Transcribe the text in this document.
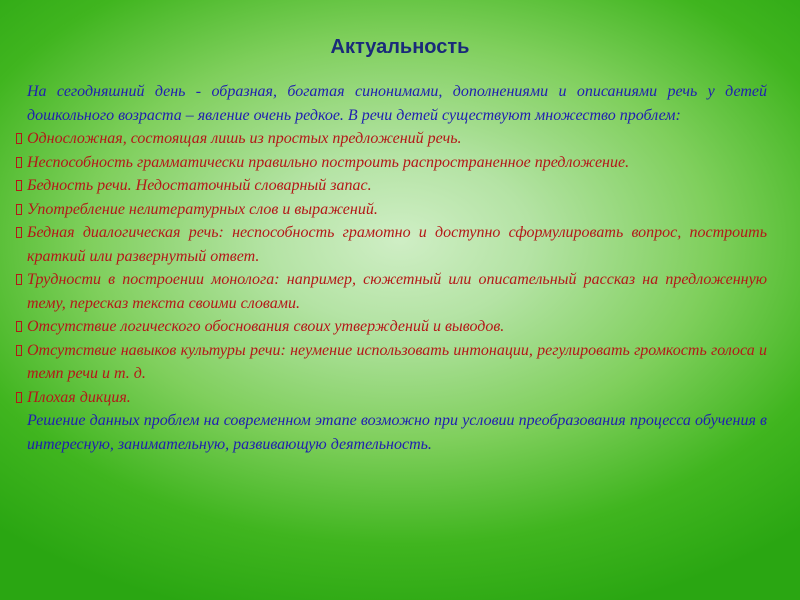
Актуальность
На сегодняшний день - образная, богатая синонимами, дополнениями и описаниями речь у детей дошкольного возраста – явление очень редкое. В речи детей существуют множество проблем:
Односложная, состоящая лишь из простых предложений речь.
Неспособность грамматически правильно построить распространенное предложение.
Бедность речи. Недостаточный словарный запас.
Употребление нелитературных слов и выражений.
Бедная диалогическая речь: неспособность грамотно и доступно сформулировать вопрос, построить краткий или развернутый ответ.
Трудности в построении монолога: например, сюжетный или описательный рассказ на предложенную тему, пересказ текста своими словами.
Отсутствие логического обоснования своих утверждений и выводов.
Отсутствие навыков культуры речи: неумение использовать интонации, регулировать громкость голоса и темп речи и т. д.
Плохая дикция.
Решение данных проблем на современном этапе возможно при условии преобразования процесса обучения в интересную, занимательную, развивающую деятельность.
